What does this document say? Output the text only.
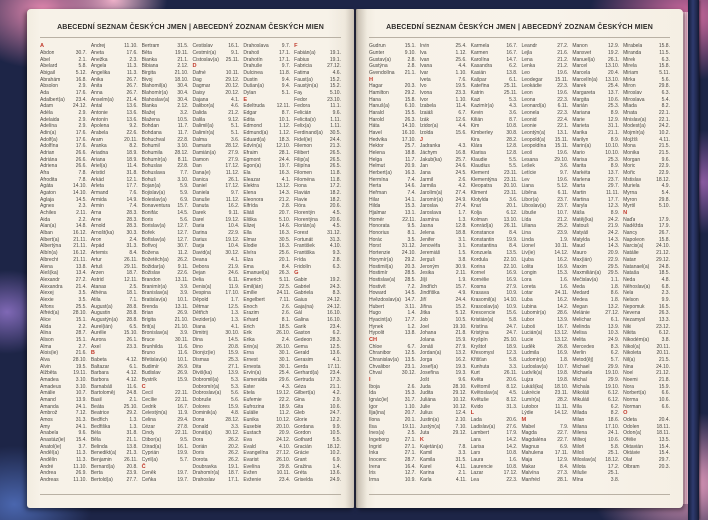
ABECEDNÍ SEZNAM ČESKÝCH JMEN | ABECEDNÝ ZOZNAM ČESKÝCH MIEN
A
Abdon	30.7.
Abel	2.1.
Abelard	5.8.
Abigail	5.12.
Abrahám	16.8.
Absolon	2.9.
Ada	17.6.
Adalbert(a)	23.4.
Adam	24.12.
Adéla	2.9.
Adelaida	2.9.
Adelína	2.9.
Adin(a)	17.6.
Adolf(a)	17.6.
Adolfína	17.6.
Adrian	26.6.
Adriána	26.6.
Adriena	26.6.
Afra	7.8.
Afrodita	7.8.
Agáta	14.10.
Agaton	14.10.
Aglaja	14.5.
Agnes	2.3.
Achiles	2.11.
Aida	2.2.
Alan(a)	14.8.
Alban	16.12.
Albert(a)	21.11.
Albertýna	21.11.
Albín(a)	16.12.
Albrecht	21.11.
Alena	13.8.
Aleš(ka)	13.4.
Alexandr	27.2.
Alexandra	21.4.
Alexej	3.5.
Alexie	3.5.
Alfons	25.5.
Alfréd(a)	28.10.
Alice	15.1.
Alida	2.2.
Alina	28.7.
Alison	15.1.
Alma	2.7.
Alois(ie)	21.6.
Alva	28.10.
Alvin	19.5.
Alžběta	19.11.
Amadea	3.10.
Amadeus	3.10.
Amálie	10.7.
Amand	13.9.
Amanda	24.1.
Ambrož	7.12.
Amos	31.3.
Amy	24.1.
Anabela	9.6.
Anastáz(ie)	15.4.
Anatol(ie)	3.7.
Anděl(a)	11.3.
Andělín	11.3.
André	11.10.
Andrea	26.9.
Andreas	11.10.
Andrej	11.10.
Aneta	17.6.
Anežka	2.3.
Angela	11.3.
Angelika	11.3.
Anika	26.7.
Anita	26.7.
Anna	26.7.
Anselm(a)	21.4.
Antal	13.6.
Antonie	13.6.
Antonín	13.6.
Apolena	9.2.
Arabela	22.6.
Aram	20.11.
Aranka	8.2.
Ariadna	18.9.
Ariana	18.9.
Ariel(a)	11.4.
Aristid	31.8.
Arkád	12.1.
Arleta	17.7.
Armand	7.6.
Armida	14.9.
Armin	7.4.
Arna	28.3.
Arne	28.3.
Arnold	28.3.
Arnošt(ka)	30.3.
Áron	2.4.
Árpád	31.3.
Artemis	8.4.
Artur	26.11.
Artuš	29.11.
Arzen	18.7.
Astrid	12.11.
Atanas	2.5.
Athéna	18.1.
Atila	7.1.
August(a)	28.8.
Augustin	28.8.
Augustýn(a)	28.8.
Aurel(ián)	6.5.
Aurélie	15.10.
Aurora	26.1.
Axel	23.3.
B
Babeta	4.12.
Baltazar	6.1.
Barbara	4.12.
Barbora	4.12.
Barnabáš	11.6.
Bartoloměj	24.8.
Basil	2.1.
Beáta	25.10.
Beatrice	29.2.
Bedřich	1.3.
Bedřiška	1.3.
Béla	31.8.
Běla	21.1.
Belinda	13.8.
Benedikt(a)	21.3.
Benjamin	26.11.
Bernard(a)	20.8.
Berta	23.9.
Bertold(a)	27.7.
Bertram	31.5.
Běta	19.11.
Bianka	21.1.
Bibiana	2.12.
Birgita	21.10.
Bivoj	18.10.
Blahomil(a)	30.4.
Blahomír(a)	30.4.
Blahoslav(a)	30.4.
Blanka	2.12.
Blažej	3.2.
Blažena	10.5.
Bohdan	11.7.
Bohdana	11.7.
Bohuchval	22.8.
Bohumil	3.10.
Bohumila	28.12.
Bohumír(a)	8.11.
Bohuslav	22.8.
Bohuslava	7.7.
Bohuš	3.10.
Bojan(a)	5.9.
Bojislav(a)	5.9.
Boleslav(a)	6.9.
Bonaventura	15.7.
Bonifác	14.5.
Boris	5.6.
Borislav(a)	12.7.
Bořek	12.7.
Bořislav(a)	12.7.
Bořivoj	30.7.
Božena	11.2.
Božetěch(a)	26.2.
Božidar(a)	9.11.
Božislav	22.6.
Brandon	13.11.
Branimír(a)	3.9.
Branislav(a)	3.9.
Bratislav(a)	10.1.
Brenda	13.11.
Brian	26.9.
Brigita	21.10.
Brit(a)	21.10.
Bronislav(a)	3.9.
Bruce	30.11.
Brunhilda	11.6.
Bruno	11.6.
Břetislav(a)	10.1.
Budimír	26.9.
Budislav	26.9.
Bystrík	15.9.
C
Cecil	22.11.
Cecílie	22.11.
Cedrik	16.7.
Celestýn(a)	11.9.
Celina	29.4.
Cézar	27.8.
Cindy	22.11.
Ctibor(a)	9.5.
Ctirad(a)	16.1.
Cyprián	19.9.
Cyril(a)	5.7.
Č
Čeněk	19.7.
Čeňka	19.7.
Čestislav	16.1.
Čestmír(a)	9.1.
Čistoslav(a)	25.11.
D
Dafné	10.11.
Dag	29.12.
Dagmar	20.12.
Daisy	20.12.
Dajana	4.1.
Dalibor(a)	4.6.
Dalida	21.2.
Dalila	9.12.
Dalimil(a)	5.1.
Dalimír(a)	5.1.
Dalma	3.6.
Damaris	28.12.
Damián(a)	27.9.
Damon	27.9.
Dan	17.12.
Dana(e)	11.12.
Danica	26.1.
Daniel	17.12.
Daniela	9.7.
Danuše	11.12.
Danuta	16.2.
Darek	9.11.
Darel	19.12.
Daria	10.4.
Darina	22.9.
Darius	19.12.
Darja	10.4.
David(a)	30.12.
Deana	4.1.
Debora	21.9.
Dejan	24.6.
Delia	6.11.
Denis(a)	11.9.
Despina	17.10.
Děpold	1.7.
Dětmar	12.5.
Dětřich	1.3.
Dezider(a)	1.3.
Diana	4.1.
Dimitrij	30.10.
Dina	14.5.
Dino	20.8.
Dionýz(ie)	15.9.
Dismas	25.3.
Dita	27.1.
Diviš(ka)	13.9.
Dobromil(a)	5.3.
Dobromír(a)	5.3.
Dobroslav(a)	5.6.
Dobruše	5.6.
Dolores	15.9.
Dominik(a)	4.8.
Dona	28.12.
Donald	3.3.
Donát(a)	30.12.
Dora	26.2.
Dorián	20.2.
Doris	26.2.
Dorota	26.2.
Doubravka	19.1.
Drahomír(a)	18.7.
Drahoslav	17.1.
Drahoslava	9.7.
Drahoš	17.1.
Drahotín	17.1.
Drahuše	9.7.
Dulcinea	11.8.
Dustin	9.4.
Dušan(a)	9.4.
Dylan	5.1.
E
Edeltruda	12.11.
Edgar	8.7.
Edita	10.1.
Edmond	1.12.
Edmund(a)	1.12.
Eduard(a)	18.3.
Edvín(a)	12.10.
Efraim	28.1.
Egmont	24.4.
Egon(a)	19.7.
Ela	16.3.
Eleazar	4.1.
Elektra	13.12.
Elena	14.3.
Eleonora	21.2.
Elfrída	2.8.
Eliáš	20.7.
Eliška	5.10.
Elizej	14.6.
Ella	16.3.
Elmar	30.5.
Elodie	16.3.
Elvíra	25.6.
Elza	20.1.
Ema	8.4.
Emanuel(a)	26.3.
Emerich	5.11.
Emil(ián)	22.5.
Emílie	24.11.
Engelbert	7.11.
Enoch	2.6.
Erazim	2.6.
Erhard	8.1.
Erich	18.5.
Erik	26.10.
Erika	2.4.
Erin(a)	26.10.
Erna	30.1.
Ernest	30.1.
Ernesta	30.1.
Ervín(a)	25.4.
Esmeralda	29.6.
Ester	4.3.
Etela	19.12.
Eufemie	22.2.
Eufrozina	18.9.
Eulálie	11.2.
Eunika	10.12.
Eusebie	20.10.
Eustach	20.9.
Eva	24.12.
Evald	4.10.
Evangelína	27.12.
Evarist	26.10.
Evelína	29.8.
Evžen	10.11.
Evženie	23.4.
F
Fabián(a)	19.1.
Fabius	19.1.
Fabricia	27.12.
Fatima	4.6.
Faust(a)	15.2.
Faustýn(a)	15.2.
Fay	5.10.
Fedor	23.10.
Fedora	11.1.
Felicián	9.6.
Felicita(s)	1.11.
Felix(a)	1.11.
Ferdinand(a)	30.5.
Fidel(ie)	24.4.
Filemon	21.3.
Filibert	26.5.
Filip(a)	26.5.
Filipína	26.5.
Filomen	11.8.
Filoména	11.8.
Fiona	17.2.
Flavián	18.2.
Flavie	18.2.
Flóra	20.6.
Florentýn	4.5.
Florentýna	20.6.
Florián(a)	4.5.
Forest	31.12.
Fortunát	31.3.
František	4.10.
Františka	9.3.
Frída	2.8.
Fridolín	6.3.
G
Gabin	19.2.
Gabriel	24.3.
Gabriela	8.3.
Gaius	24.12.
Gaja(na)	24.12.
Gál	16.10.
Galina	16.10.
Garik	23.4.
Gaston	6.2.
Gedeon	28.3.
Gema	12.5.
Gerald	13.6.
Gerasim	4.1.
Gerda	17.11.
Gerhard(a)	23.4.
Gertruda	17.3.
Géza	21.1.
Gilbert(a)	4.2.
Gina	2.9.
Gita	10.6.
Gleb	24.7.
Glorie	12.2.
Gordana	9.9.
Gordon	10.5.
Gothard	5.5.
Gracián	18.12.
Grácie	10.2.
Grant	6.9.
Gražina	1.4.
Gréta	13.6.
Griselda	24.9.
ABECEDNÍ SEZNAM ČESKÝCH JMEN | ABECEDNÝ ZOZNAM ČESKÝCH MIEN
Gudrun	15.1.
Gunter	9.10.
Gustav(a)	2.8.
Gustýna	2.8.
Gvendolína	21.1.
H
Hagar	20.3.
Hamilton	29.2.
Hana	15.8.
Hanuš(a)	6.10.
Harald	15.5.
Harold	26.3.
Háta	14.10.
Havel	16.10.
Hedvika	17.10.
Hektor	25.7.
Helena	18.8.
Helga	11.7.
Helmut	20.9.
Herbert(a)	16.3.
Hermína	7.4.
Herta	14.6.
Heřman	7.4.
Hilar	14.1.
Hilda	15.3.
Hjalmar	13.1.
Homér	22.11.
Honorata	9.5.
Honorius	8.1.
Horác	3.5.
Horst	31.12.
Hortenzie	24.10.
Horymír(a)	29.2.
Hostimil(a)	20.3.
Hostimír	28.5.
Hostislav(a)	28.5.
Hostivít	7.2.
Howard	14.5.
Hvězdoslav(a) 14.7.
Hubert	3.11.
Hugo	1.4.
Hyacint(a)	17.7.
Hynek	1.2.
Hypolit	13.8.
CH
Chloe	6.7.
Chranibor	12.5.
Chranislav(a)	13.5.
Chvalibor	23.1.
Chval	30.12.
I
Iboja	2.6.
Ida	15.3.
Ignác(ie)	31.7.
Igor	1.10.
Ilja(ina)	20.7.
Ilona	20.1.
Ilsa	19.11.
Ines(a)	2.5.
Ingeborg	27.1.
Ingrid	27.1.
Inka	27.1.
Inocenc	28.7.
Irena	16.4.
Iris	12.7.
Irma	10.9.
Irvin	25.4.
Iva	1.12.
Ivan	25.6.
Ivana	4.4.
Ivar	1.10.
Iveta	7.6.
Ivo	19.5.
Ivona	23.3.
Ivor	1.10.
Izabela	11.4.
Izaiáš	6.7.
Izák	12.6.
Izidor(a)	4.4.
Izolda	15.6.
J
Jadranka	4.3.
Jáchym	16.8.
Jakub(ka)	25.7.
Jan	24.6.
Jana	24.5.
Jarmil	2.6.
Jarmila	4.2.
Jarolím(a)	27.4.
Jaromír(a)	24.9.
Jaroslav	27.4.
Jaroslava	1.7.
Jasmína	1.3.
Jasna	12.8.
Jelena	18.8.
Jenifer	3.1.
Jenovéfa	3.1.
Jeremiáš	1.5.
Jerguš	3.8.
Jeroným	30.9.
Jesika	2.11.
Jiljí	1.9.
Jindřich	15.7.
Jindřiška	4.9.
Jiří	24.4.
Jiřina	15.2.
Jitka	5.12.
Job	10.5.
Joel	19.10.
Johana	21.8.
Jolana	15.9.
Jonáš	27.9.
Jordan(a)	13.2.
Jorga	16.2.
Josef(a)	19.3.
Josefína	19.3.
Jošt	9.6.
Juda	28.10.
Judita	29.12.
Juliána	10.12.
Julie	10.12.
Julius	12.4.
Justin(a)	2.10.
Justýn(a)	7.10.
Juta	29.12.
K
Kajetán(a)	7.8.
Kamil	3.3.
Kamila	31.5.
Karel	4.11.
Karina	2.1.
Karla	4.11.
Karmela	16.7.
Karmen	16.7.
Karolína	14.7.
Kasandra	6.2.
Kasián	13.8.
Kašpar	6.1.
Kateřina	25.11.
Katrin	25.11.
Kazi	5.3.
Kazimír(a)	4.3.
Kevin	3.6.
Kilián	8.7.
Kim	10.8.
Kimberley	30.8.
Kira	28.2.
Klára	12.8.
Klarisa	12.8.
Klaudie	5.5.
Klaudius	5.5.
Klement	23.11.
Klementýna	23.11.
Kleopatra	20.10.
Kliment	23.11.
Klotylda	3.6.
Knut	20.1.
Kolja	6.12.
Kolman	13.10.
Konrád(a)	26.11.
Konstance	8.4.
Konstantin	19.9.
Konstantina	8.4.
Konzuela	13.5.
Kordula	22.10.
Korina	22.10.
Kornel	16.9.
Kornélie	16.9.
Kosma	27.9.
Krasava	10.9.
Krasomil(a)	14.10.
Krasoslav(a)	10.9.
Krescencie	15.6.
Kristián(a)	5.8.
Kristína	24.7.
Kristýna	24.7.
Kryšpín	25.10.
Kryštof	18.9.
Křesomysl	12.3.
Křišťan	5.8.
Kunhuta	3.3.
Kurt	26.11.
Květa	20.6.
Květomil	8.12.
Květoslav(a)	4.5.
Květuše	8.12.
Kvido	31.3.
L
Lada	20.6.
Ladislav(a)	27.6.
Lambert	17.9.
Lara	14.2.
Larisa	14.2.
Lars	10.8.
Laura	1.6.
Laurencie	10.8.
Lazar	17.12.
Lea	22.3.
Leandr	27.2.
Lejla	21.6.
Lena	21.2.
Lenka	21.2.
Leo	19.6.
Leodegar	15.11.
Leokádie	22.3.
Leon	19.6.
Leona	22.3.
Leonard(a)	6.11.
Leonela	22.3.
Leonid	22.4.
Leonie	22.1.
Leontýn(a)	13.1.
Leopold(a)	15.11.
Leopoldína	15.11.
Leoš	19.6.
Lesana	29.10.
Lešek	3.6.
Letície	9.7.
Lev	19.6.
Liana	5.12.
Liběna	6.11.
Libor(a)	23.7.
Liboslav(a)	23.7.
Libuše	10.7.
Lída	21.2.
Liliana	25.2.
Lina	23.9.
Linda	1.9.
Lionel	10.11.
Liv(ie)	14.12.
Ljuba	16.2.
Lolita	16.9.
Longin	15.3.
Lora	1.6.
Loreta	1.6.
Lotar	24.11.
Luba	16.2.
Lubina	14.2.
Lubomír(a)	28.6.
Lubor	13.9.
Luboš	16.7.
Lucián(a)	13.12.
Lucie	13.12.
Luděk	26.8.
Ludmila	16.9.
Ludomír(a)	1.8.
Ludoslav(a)	10.7.
Ludvík(a)	19.8.
Lujza	19.8.
Lukáš(ka)	18.10.
Lukrécie	23.11.
Lumír(a)	28.2.
Lutobor	11.11.
Lýdie	14.12.
M
Mabel	7.9.
Magda	22.7.
Magdaléna	22.7.
Magnus	6.9.
Mahulena	17.11.
Maja	12.9.
Makar	8.4.
Malvína	27.3.
Manfréd	28.1.
Manon	12.9.
Mansvet	19.2.
Manuel(a)	26.1.
Marcel	13.10.
Marcela	20.4.
Marcelín(a)	13.10.
Marek	25.4.
Margareta	13.7.
Margita	10.6.
Marián	25.3.
Mariana	8.9.
Marie	12.9.
Marieta	31.1.
Marika	21.1.
Marilyn	8.9.
Marin(a)	10.10.
Mario	10.10.
Marisa	25.3.
Marita	8.9.
Markéta	13.7.
Marlena	23.7.
Marta	29.7.
Martin	11.11.
Martina	17.7.
Maryla	12.3.
Máša	8.9.
Matěj(ka)	24.2.
Matouš	21.9.
Matyáš	24.2.
Matylda	14.3.
Maud	14.3.
Mauro	20.9.
Max(ián)	22.9.
Maxim	29.5.
Maxmilián(a)	29.5.
Mečislav(a)	1.1.
Meda	1.8.
Medard	8.6.
Medea	1.8.
Megan	13.2.
Melánie	27.12.
Melichar	6.1.
Melinda	13.9.
Melisa	10.3.
Melita	24.9.
Mercedes	8.3.
Merlin	6.2.
Metod(ěj)	5.7.
Michael	29.9.
Michaela	19.10.
Michal	29.9.
Michala	19.10.
Mikoláš	6.12.
Mikuláš	6.12.
Míla	6.2.
Milada	8.2.
Milan	18.6.
Milana	17.10.
Milena	24.1.
Milivoj	10.6.
Miloň	5.8.
Miloš	25.1.
Miloslav(a)	18.12.
Milota	17.2.
Miluše	25.1.
Mína	3.8.
Mirabela	15.8.
Miranda	11.5.
Mirek	6.3.
Mirela	15.8.
Miriam	5.11.
Mirka	5.6.
Miron	29.8.
Miroslav	6.3.
Miroslava	5.4.
Mlada	8.2.
Mnata	22.1.
Mnislav(a)	22.1.
Modest(a)	24.2.
Mojmír(a)	10.2.
Mojžíš	4.11.
Mona	21.5.
Monika	21.5.
Morgan	9.6.
Moric	22.9.
Mořic	22.9.
Mstislav	18.12.
Muriela	4.9.
Myrna	5.4.
Myron	29.8.
Myrtil	5.10.
N
Naďa	17.9.
Naděžda	17.9.
Nancy	26.7.
Napoleon	15.8.
Narcis(a)	24.10.
Natálie	21.12.
Natan	29.12.
Natanael(a)	24.8.
Nataša	18.5.
Neda	4.8.
Něhoslav(a)	6.8.
Nela	2.3.
Nelson	9.9.
Nepomuk	16.5.
Nevena	26.3.
Nezamysl	13.3.
Niki	23.12.
Nikita	6.12.
Nikodém(a)	3.8.
Nikol(a)	20.11.
Nikoleta	20.11.
Nil(a)	21.5.
Nina	24.10.
Noel	21.12.
Noemi	21.8.
Nora	15.9.
Norbert(a)	6.6.
Norma	10.6.
Norman	6.6.
O
Odeta	20.4.
Odolen	18.11.
Odon(a)	18.11.
Ofélie	13.5.
Oktavián	15.4.
Oktávie	15.4.
Olaf	29.7.
Olbram	20.3.
